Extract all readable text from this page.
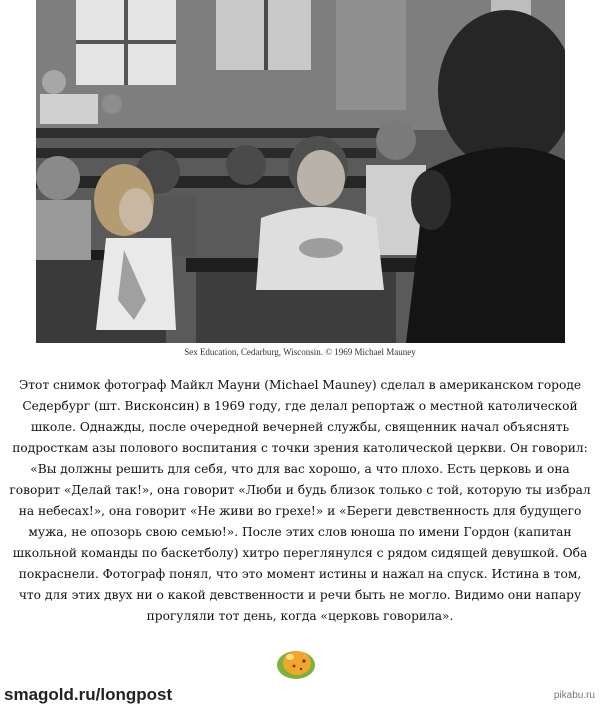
Sex Education, Cedarburg, Wisconsin. © 1969 Michael Mauney

Этот снимок фотограф Майкл Мауни (Michael Mauney) сделал в американском городе Седербург (шт. Висконсин) в 1969 году, где делал репортаж о местной католической школе. Однажды, после очередной вечерней службы, священник начал объяснять подросткам азы полового воспитания с точки зрения католической церкви. Он говорил: «Вы должны решить для себя, что для вас хорошо, а что плохо. Есть церковь и она говорит «Делай так!», она говорит «Люби и будь близок только с той, которую ты избрал на небесах!», она говорит «Не живи во грехе!» и «Береги девственность для будущего мужа, не опозорь свою семью!». После этих слов юноша по имени Гордон (капитан школьной команды по баскетболу) хитро переглянулся с рядом сидящей девушкой. Оба покраснели. Фотограф понял, что это момент истины и нажал на спуск. Истина в том, что для этих двух ни о какой девственности и речи быть не могло. Видимо они напару прогуляли тот день, когда «церковь говорила».

smagold.ru/longpost	pikabu.ru
